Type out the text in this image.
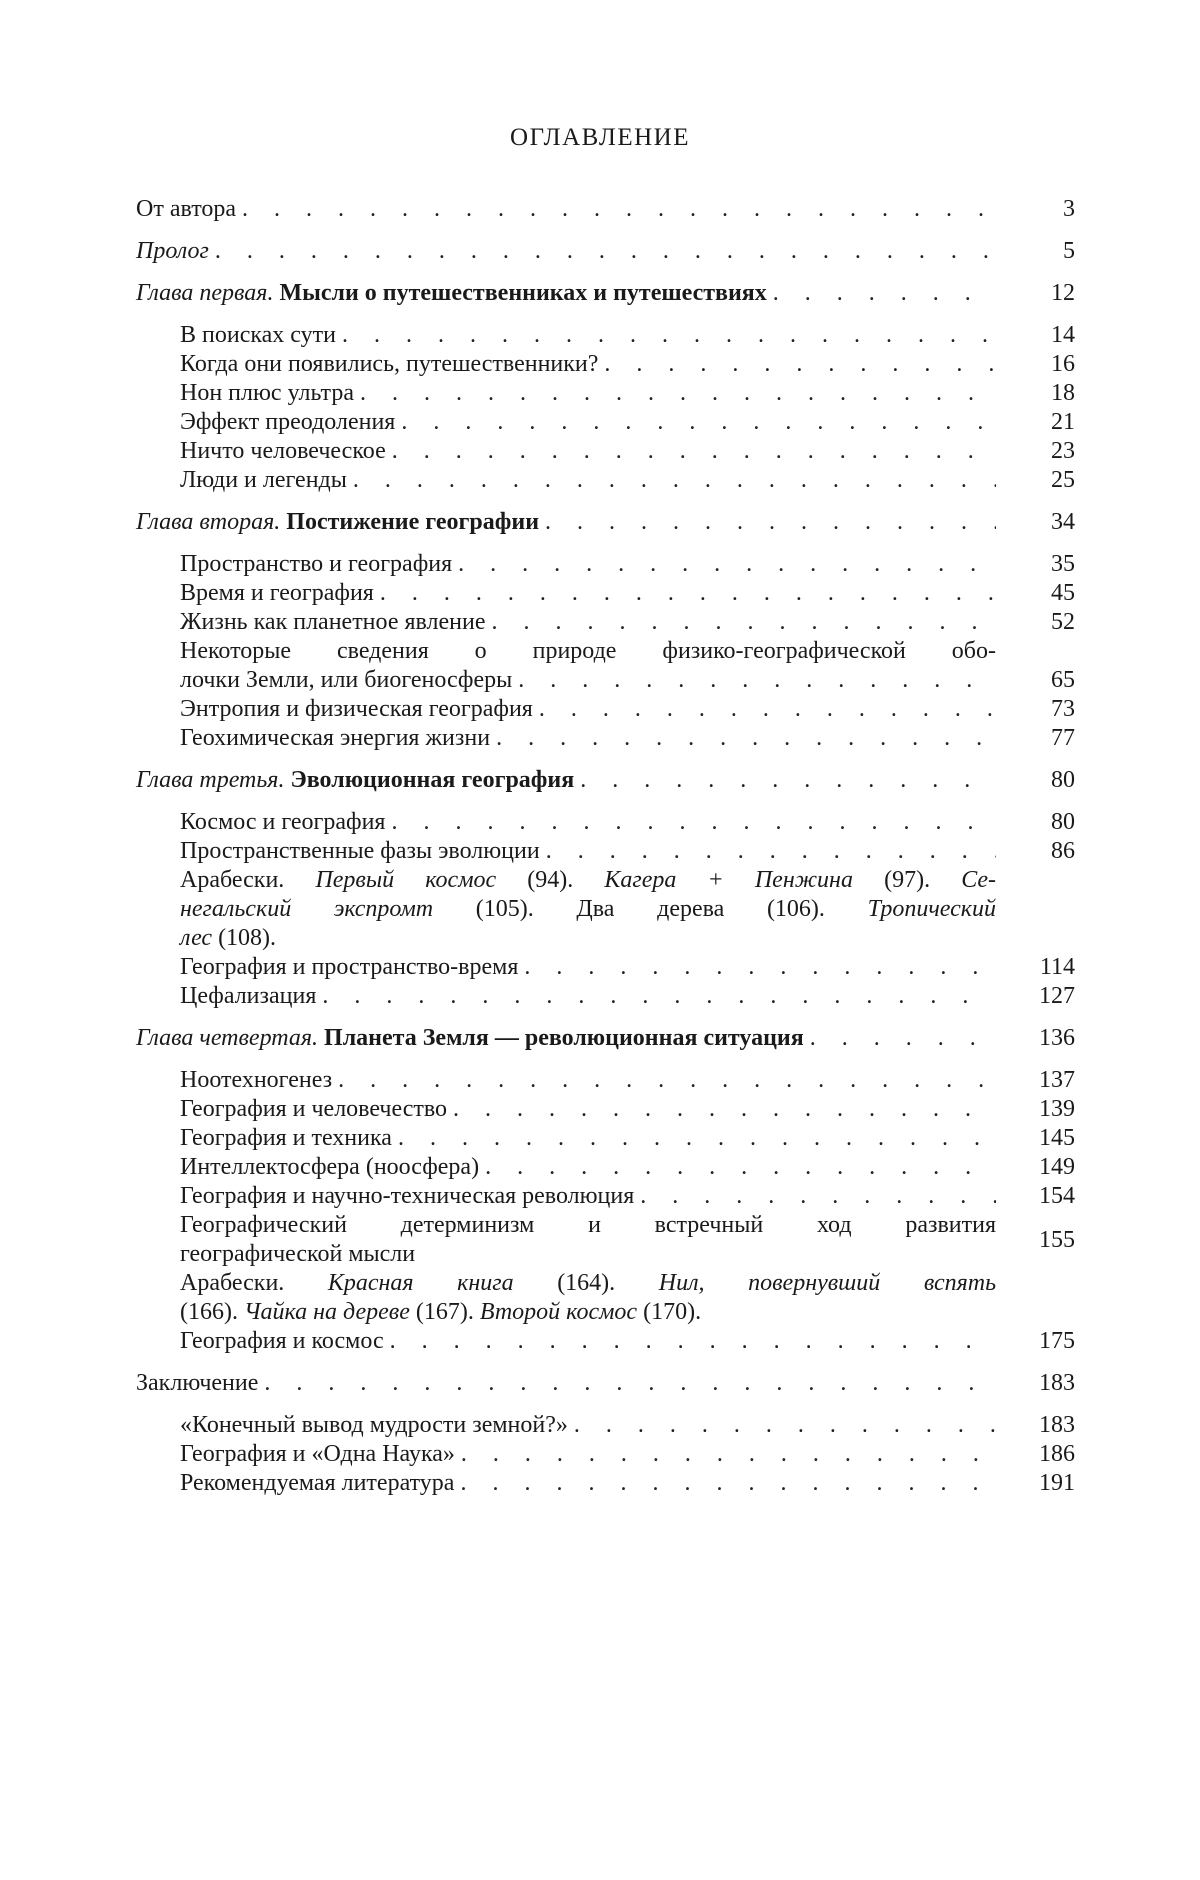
ОГЛАВЛЕНИЕ
От автора . . .	3
Пролог . . .	5
Глава первая. Мысли о путешественниках и путешествиях . . .	12
В поисках сути . . .	14
Когда они появились, путешественники? . . .	16
Нон плюс ультра . . .	18
Эффект преодоления . . .	21
Ничто человеческое . . .	23
Люди и легенды . . .	25
Глава вторая. Постижение географии . . .	34
Пространство и география . . .	35
Время и география . . .	45
Жизнь как планетное явление . . .	52
Некоторые сведения о природе физико-географической обо-
лочки Земли, или биогеносферы . . .	65
Энтропия и физическая география . . .	73
Геохимическая энергия жизни . . .	77
Глава третья. Эволюционная география . . .	80
Космос и география . . .	80
Пространственные фазы эволюции . . .	86
Арабески. Первый космос (94). Кагера + Пенжина (97). Се-
негальский экспромт (105). Два дерева (106). Тропический
лес (108).
География и пространство-время . . .	114
Цефализация . . .	127
Глава четвертая. Планета Земля — революционная ситуация . . .	136
Ноотехногенез . . .	137
География и человечество . . .	139
География и техника . . .	145
Интеллектосфера (ноосфера) . . .	149
География и научно-техническая революция . . .	154
Географический детерминизм и встречный ход развития
географической мысли
155
Арабески. Красная книга (164). Нил, повернувший вспять
(166). Чайка на дереве (167). Второй космос (170).
География и космос . . .	175
Заключение . . .	183
«Конечный вывод мудрости земной?» . . .	183
География и «Одна Наука» . . .	186
Рекомендуемая литература . . .	191
